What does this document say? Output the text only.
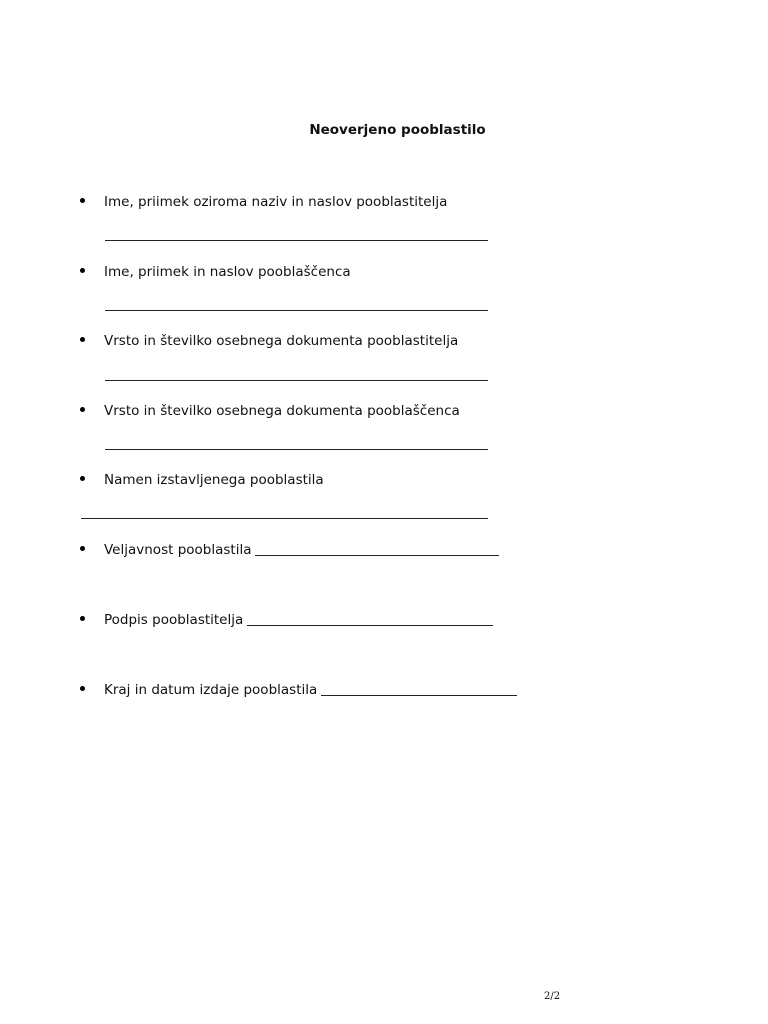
Neoverjeno pooblastilo
Ime, priimek oziroma naziv in naslov pooblastitelja
Ime, priimek in naslov pooblaščenca
Vrsto in številko osebnega dokumenta pooblastitelja
Vrsto in številko osebnega dokumenta pooblaščenca
Namen izstavljenega pooblastila
Veljavnost pooblastila
Podpis pooblastitelja
Kraj in datum izdaje pooblastila
2/2
